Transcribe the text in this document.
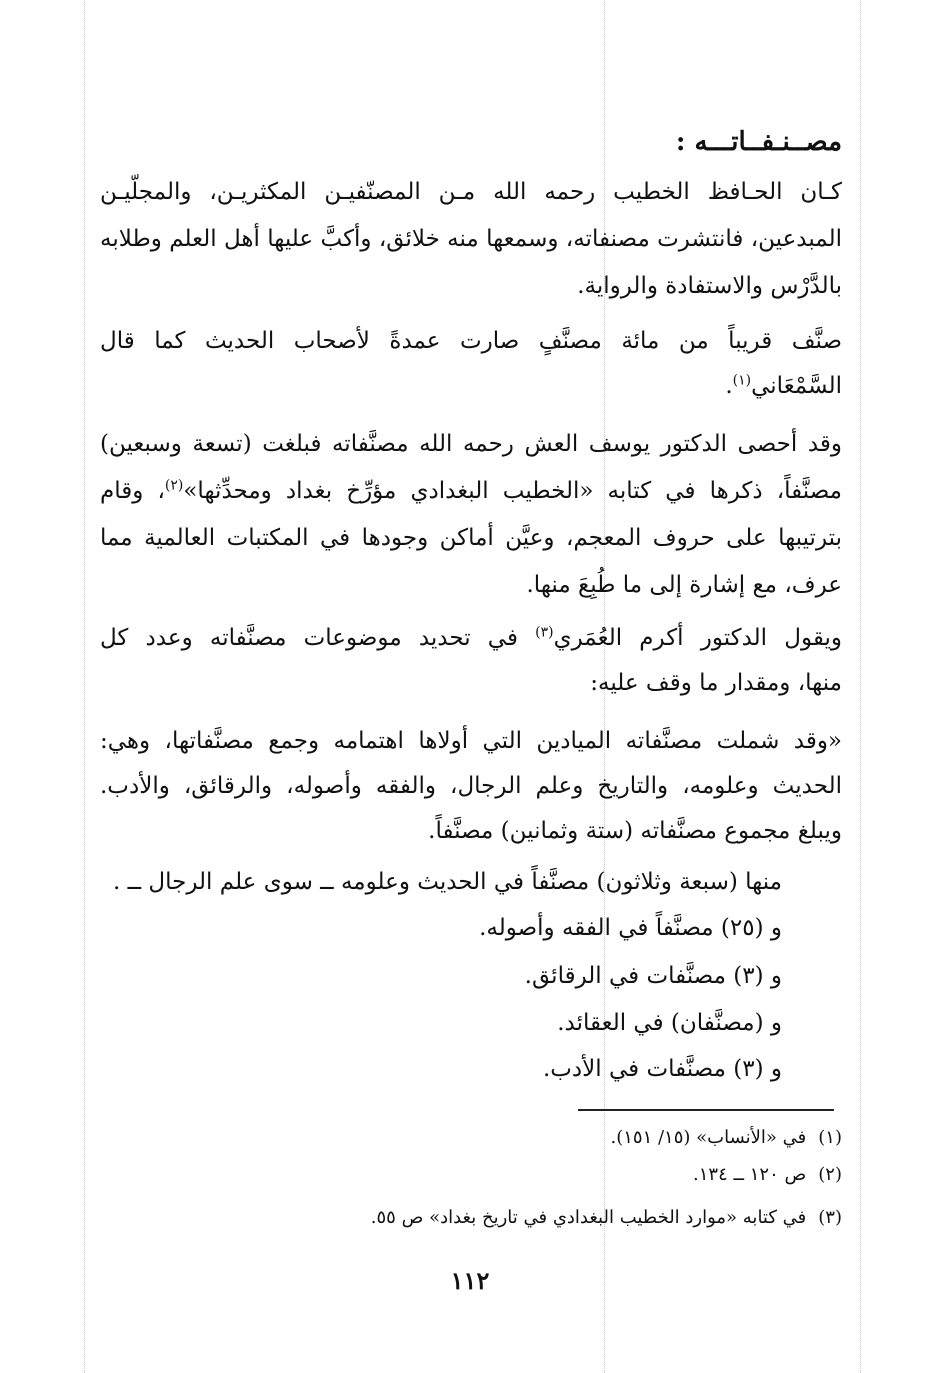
مصــنـفــاتـــه :
كـان الحـافظ الخطيب رحمه الله مـن المصنّفيـن المكثريـن، والمجلّيـن
المبدعين، فانتشرت مصنفاته، وسمعها منه خلائق، وأكبَّ عليها أهل العلم وطلابه
بالدَّرْس والاستفادة والرواية.
صنَّف قريباً من مائة مصنَّفٍ صارت عمدةً لأصحاب الحديث كما قال
السَّمْعَاني$^{(١)}$.
وقد أحصى الدكتور يوسف العش رحمه الله مصنَّفاته فبلغت (تسعة وسبعين)
مصنَّفاً، ذكرها في كتابه «الخطيب البغدادي مؤرِّخ بغداد ومحدِّثها»$^{(٢)}$، وقام
بترتيبها على حروف المعجم، وعيَّن أماكن وجودها في المكتبات العالمية مما
عرف، مع إشارة إلى ما طُبِعَ منها.
ويقول الدكتور أكرم العُمَري$^{(٣)}$ في تحديد موضوعات مصنَّفاته وعدد كل
منها، ومقدار ما وقف عليه:
«وقد شملت مصنَّفاته الميادين التي أولاها اهتمامه وجمع مصنَّفاتها، وهي:
الحديث وعلومه، والتاريخ وعلم الرجال، والفقه وأصوله، والرقائق، والأدب.
ويبلغ مجموع مصنَّفاته (ستة وثمانين) مصنَّفاً.
منها (سبعة وثلاثون) مصنَّفاً في الحديث وعلومه ــ سوى علم الرجال ــ .
و (٢٥) مصنَّفاً في الفقه وأصوله.
و (٣) مصنَّفات في الرقائق.
و (مصنَّفان) في العقائد.
و (٣) مصنَّفات في الأدب.
(١)في «الأنساب» (١٥/ ١٥١).
(٢)ص ١٢٠ ــ ١٣٤.
(٣)في كتابه «موارد الخطيب البغدادي في تاريخ بغداد» ص ٥٥.
١١٢
